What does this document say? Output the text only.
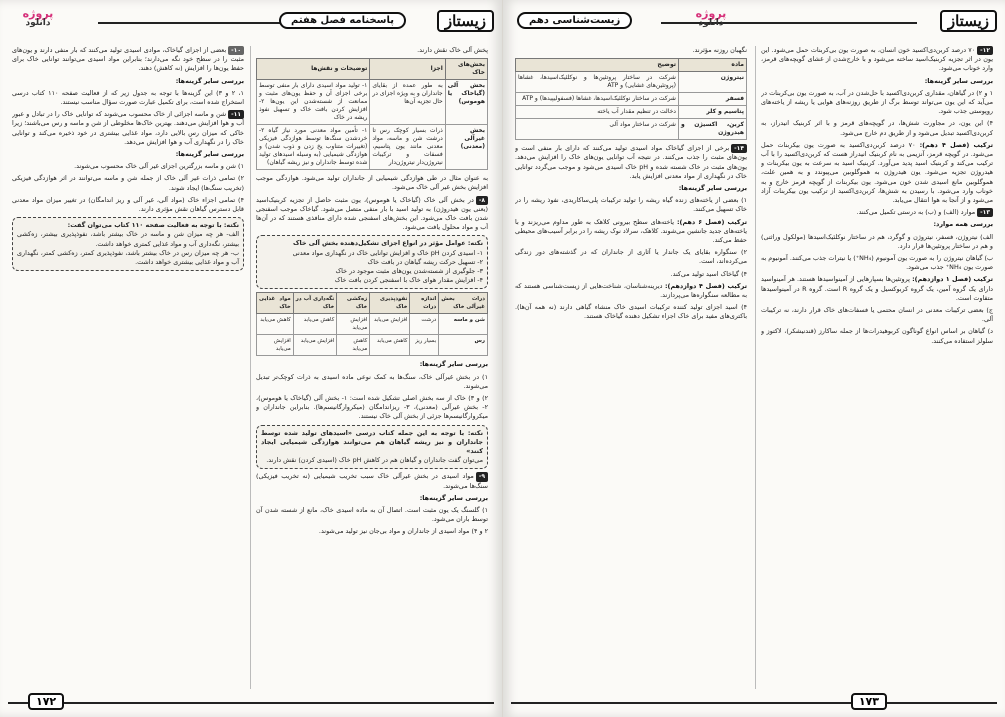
زیستاز
پروژه
دانلود	پاسخنامه فصل هفتم

پخش آلی خاک نقش دارند.

بخش‌های خاک	اجزا	توضیحات و نقش‌ها
بخش آلی (گیاخاک یا هوموس)	به طور عمده از بقایای جانداران و به ویژه اجزای در حال تجزیه آن‌ها	۱- تولید مواد اسیدی دارای بار منفی توسط برخی اجزای آن و حفظ یون‌های مثبت و ممانعت از شسته‌شدن این یون‌ها ۲- افزایش کردن بافت خاک و تسهیل نفوذ ریشه در خاک
بخش غیرآلی (معدنی)	ذرات بسیار کوچک رس تا درشت شن و ماسه، مواد معدنی مانند یون پتاسیم، فسفات و ترکیبات نیتروژن‌دار نیتروژن‌دار	۱- تأمین مواد معدنی مورد نیاز گیاه ۲- خردشدن سنگ‌ها توسط هوازدگی فیزیکی (تغییرات متناوب یخ زدن و ذوب شدن) و هوازدگی شیمیایی (به وسیله اسیدهای تولید شده توسط جانداران و نیز ریشه گیاهان)

به عنوان مثال در طی هوازدگی شیمیایی از جانداران تولید می‌شود. هوازدگی موجب افزایش بخش غیر آلی خاک می‌شود.

۸-در بخش آلی خاک (گیاخاک یا هوموس)، یون مثبت حاصل از تجزیه کربنیک‌اسید (یعنی یون هیدروژن) به تولید اسید با بار منفی متصل می‌شود. گیاخاک موجب اسفنجی شدن بافت خاک می‌شود. این بخش‌های اسفنجی شده دارای منافذی هستند که در آن‌ها آب و مواد محلول یافت می‌شود.

نکته: عوامل مؤثر در انواع اجزای تشکیل‌دهنده بخش آلی خاک
۱- اسیدی کردن pH خاک و افزایش توانایی خاک در نگهداری مواد معدنی
۲- تسهیل حرکت ریشه گیاهان در بافت خاک
۳- جلوگیری از شسته‌شدن یون‌های مثبت موجود در خاک
۴- افزایش مقدار هوای خاک با اسفنجی کردن بافت خاک
ذرات بخش غیرآلی خاک	اندازه ذرات	نفوذپذیری خاک	زه‌کشی خاک	نگه‌داری آب در خاک	مواد غذایی خاک
شن و ماسه	درشت	افزایش می‌یابد	افزایش می‌یابد	کاهش می‌یابد	کاهش می‌یابد
رس	بسیار ریز	کاهش می‌یابد	کاهش می‌یابد	افزایش می‌یابد	افزایش می‌یابد

بررسی سایر گزینه‌ها:

۱) در بخش غیرآلی خاک، سنگ‌ها به کمک نوعی ماده اسیدی به ذرات کوچک‌تر تبدیل می‌شوند.

۲) و ۳) خاک از سه بخش اصلی تشکیل شده است: ۱- بخش آلی (گیاخاک یا هوموس)، ۲- بخش غیرآلی (معدنی)، ۳- ریزاندامگان (میکروارگانیسم‌ها). بنابراین جانداران و میکروارگانیسم‌ها جزئی از بخش آلی خاک نیستند.

نکته: با توجه به این جمله کتاب درسی «اسیدهای تولید شده توسط جانداران و نیز ریشه گیاهان هم می‌توانند هوازدگی شیمیایی ایجاد کنند»
می‌توان گفت جانداران و گیاهان هم در کاهش pH خاک (اسیدی کردن) نقش دارند.

۹-مواد اسیدی در بخش غیرآلی خاک سبب تخریب شیمیایی (نه تخریب فیزیکی) سنگ‌ها می‌شوند.

بررسی سایر گزینه‌ها:

۱) گلسنگ یک یون مثبت است. اتصال آن به ماده اسیدی خاک، مانع از شسته شدن آن توسط باران می‌شود.

۲ و ۴) مواد اسیدی از جانداران و مواد بی‌جان نیز تولید می‌شوند.

۱۰-بعضی از اجزای گیاخاک، موادی اسیدی تولید می‌کنند که بار منفی دارند و یون‌های مثبت را در سطح خود نگه می‌دارند؛ بنابراین مواد اسیدی می‌توانند توانایی خاک برای حفظ یون‌ها را افزایش (نه کاهش) دهند.

بررسی سایر گزینه‌ها:

۱، ۲ و ۳) این گزینه‌ها با توجه به جدول زیر که از فعالیت صفحه ۱۱۰ کتاب درسی استخراج شده است، برای تکمیل عبارت صورت سؤال مناسب نیستند.

۱۱-شن و ماسه اجزائی از خاک محسوب می‌شوند که توانایی خاک را در تبادل و عبور آب و هوا افزایش می‌دهند. بهترین خاک‌ها مخلوطی از شن و ماسه و رس می‌باشند؛ زیرا خاکی که میزان رس بالایی دارد، مواد غذایی بیشتری در خود ذخیره می‌کند و توانایی خاک را در نگهداری آب و هوا افزایش می‌دهد.

بررسی سایر گزینه‌ها:

۱) شن و ماسه بزرگترین اجزای غیر آلی خاک محسوب می‌شوند.

۲) تمامی ذرات غیر آلی خاک از جمله شن و ماسه می‌توانند در اثر هوازدگی فیزیکی (تخریب سنگ‌ها) ایجاد شوند.

۴) تمامی اجزاء خاک (مواد آلی، غیر آلی و ریز اندامگان) در تغییر میزان مواد معدنی قابل دسترس گیاهان نقش مؤثری دارند.

نکته: با توجه به فعالیت صفحه ۱۱۰ کتاب می‌توان گفت:
الف- هر چه میزان شن و ماسه در خاک بیشتر باشد، نفوذپذیری بیشتر، زه‌کشی بیشتر، نگه‌داری آب و مواد غذایی کمتری خواهد داشت.
ب- هر چه میزان رس در خاک بیشتر باشد، نفوذپذیری کمتر، زه‌کشی کمتر، نگهداری آب و مواد غذایی بیشتری خواهد داشت.
۱۷۲
زیستاز
پروژه
دانلود
زیست‌شناسی دهم

۱۲-۷۰ درصد کربن‌دی‌اکسید خون انسان، به صورت یون بی‌کربنات حمل می‌شود. این یون در اثر تجزیه کربنیک‌اسید ساخته می‌شود و با خارج‌شدن از غشای گویچه‌های قرمز، وارد خوناب می‌شود.

بررسی سایر گزینه‌ها:

۱ و ۲) در گیاهان، مقداری کربن‌دی‌اکسید با حل‌شدن در آب، به صورت یون بی‌کربنات در می‌آید که این یون می‌تواند توسط برگ از طریق روزنه‌های هوایی یا ریشه از یاخته‌های روپوستی جذب شود.

۴) این یون، در مجاورت شش‌ها، در گویچه‌های قرمز و با اثر کربنیک انیدراز، به کربن‌دی‌اکسید تبدیل می‌شود و از طریق دم خارج می‌شود.

ترکیب (فصل ۴ دهم): ۷۰ درصد کربن‌دی‌اکسید به صورت یون بیکربنات حمل می‌شود. در گویچه قرمز، آنزیمی به نام کربنیک انیدراز هست که کربن‌دی‌اکسید را با آب ترکیب می‌کند و کربنیک اسید پدید می‌آورد. کربنیک اسید به سرعت به یون بیکربنات و هیدروژن تجزیه می‌شود. یون هیدروژن به هموگلوبین می‌پیوندد و به همین علت، هموگلوبین مانع اسیدی شدن خون می‌شود. یون بیکربنات از گویچه قرمز خارج و به خوناب وارد می‌شود. با رسیدن به شش‌ها، کربن‌دی‌اکسید از ترکیب یون بیکربنات آزاد می‌شود و از آنجا به هوا انتقال می‌یابد.

۱۳-موارد (الف) و (ب) به درستی تکمیل می‌کنند.

بررسی همه موارد:

الف) نیتروژن، فسفر، نیتروژن و گوگرد، هم در ساختار نوکلئیک‌اسیدها (مولکول وراثتی) و هم در ساختار پروتئین‌ها قرار دارد.

ب) گیاهان نیتروژن را به صورت یون آمونیوم (NH₄⁺) یا نیترات جذب می‌کنند. آمونیوم به صورت یون NH₄⁺ جذب می‌شود.

ترکیب (فصل ۱ دوازدهم): پروتئین‌ها بسپارهایی از آمینواسیدها هستند. هر آمینواسید دارای یک گروه آمین، یک گروه کربوکسیل و یک گروه R است. گروه R در آمینواسیدها متفاوت است.

ج) بعضی ترکیبات معدنی در انسان محتمی یا فسفات‌های خاک قرار دارند، نه ترکیبات آلی.

د) گیاهان بر اساس انواع گوناگون کربوهیدرات‌ها از جمله ساکارز (قندنیشکر)، لاکتوز و سلولز استفاده می‌کنند.

نگهبان روزنه مؤثرند.

ماده	توضیح
نیتروژن	شرکت در ساختار پروتئین‌ها و نوکلئیک‌اسیدها، غشاها (پروتئین‌های غشایی) و ATP
فسفر	شرکت در ساختار نوکلئیک‌اسیدها، غشاها (فسفولیپیدها) و ATP
پتاسیم و کلر	دخالت در تنظیم مقدار آب یاخته
کربن، اکسیژن و هیدروژن	شرکت در ساختار مواد آلی

۱۴-برخی از اجزای گیاخاک مواد اسیدی تولید می‌کنند که دارای بار منفی است و یون‌های مثبت را جذب می‌کنند. در نتیجه آب توانایی یون‌های خاک را افزایش می‌دهد. یون‌های مثبت در خاک شسته شده و pH خاک اسیدی می‌شود و موجب می‌گردد توانایی خاک در نگهداری از مواد معدنی افزایش یابد.

بررسی سایر گزینه‌ها:

۱) بعضی از یاخته‌های زنده گیاه ریشه را تولید ترکیبات پلی‌ساکاریدی، نفوذ ریشه را در خاک تسهیل می‌کنند.

ترکیب (فصل ۶ دهم): یاخته‌های سطح بیرونی کلاهک به طور مداوم می‌ریزند و با یاخته‌های جدید جانشین می‌شوند. کلاهک، سرلاد نوک ریشه را در برابر آسیب‌های محیطی حفظ می‌کند.

۲) سنگواره بقایای یک جاندار یا آثاری از جانداران که در گذشته‌های دور زندگی می‌کرده‌اند، است.

۴) گیاخاک اسید تولید می‌کند.

ترکیب (فصل ۴ دوازدهم): دیرینه‌شناسان، شناخت‌هایی از زیست‌شناسی هستند که به مطالعه سنگواره‌ها می‌پردازند.

۴) اسید اجزای تولید کننده ترکیبات اسیدی خاک منشاء گیاهی دارند (نه همه آن‌ها). باکتری‌های مفید برای خاک اجزاء تشکیل دهنده گیاخاک هستند.

۱۷۳
